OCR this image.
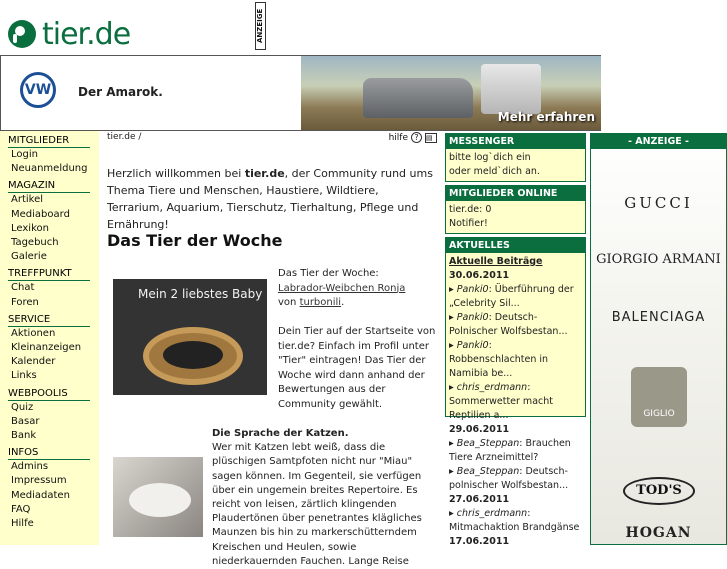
tier.de	ANZEIGE
VW	Der Amarok.
Mehr erfahren
MITGLIEDER
Login
Neuanmeldung
MAGAZIN
Artikel
Mediaboard
Lexikon
Tagebuch
Galerie
TREFFPUNKT
Chat
Foren
SERVICE
Aktionen
Kleinanzeigen
Kalender
Links
WEBPOOLIS
Quiz
Basar
Bank
INFOS
Admins
Impressum
Mediadaten
FAQ
Hilfe
tier.de /	hilfe ?	▤
Herzlich willkommen bei tier.de, der Community rund ums Thema Tiere und Menschen, Haustiere, Wildtiere, Terrarium, Aquarium, Tierschutz, Tierhaltung, Pflege und Ernährung!
Das Tier der Woche
Mein 2 liebstes Baby
Das Tier der Woche:
Labrador-Weibchen Ronja
von turbonili.

Dein Tier auf der Startseite von tier.de? Einfach im Profil unter "Tier" eintragen! Das Tier der Woche wird dann anhand der Bewertungen aus der Community gewählt.
Die Sprache der Katzen.
Wer mit Katzen lebt weiß, dass die plüschigen Samtpfoten nicht nur "Miau" sagen können. Im Gegenteil, sie verfügen über ein ungemein breites Repertoire. Es reicht von leisen, zärtlich klingenden Plaudertönen über penetrantes klägliches Maunzen bis hin zu markerschütterndem Kreischen und Heulen, sowie niederkauernden Fauchen. Lange Reise
MESSENGER
bitte log`dich ein
oder meld`dich an.
MITGLIEDER ONLINE
tier.de: 0
Notifier!
AKTUELLES
Aktuelle Beiträge
30.06.2011
▸ Panki0: Überführung der „Celebrity Sil...
▸ Panki0: Deutsch-Polnischer Wolfsbestan...
▸ Panki0: Robbenschlachten in Namibia be...
▸ chris_erdmann: Sommerwetter macht Reptilien a...
29.06.2011
▸ Bea_Steppan: Brauchen Tiere Arzneimittel?
▸ Bea_Steppan: Deutsch-polnischer Wolfsbestan...
27.06.2011
▸ chris_erdmann: Mitmachaktion Brandgänse
17.06.2011
- ANZEIGE -
GUCCI
GIORGIO ARMANI
BALENCIAGA
GIGLIO
TOD'S
HOGAN
